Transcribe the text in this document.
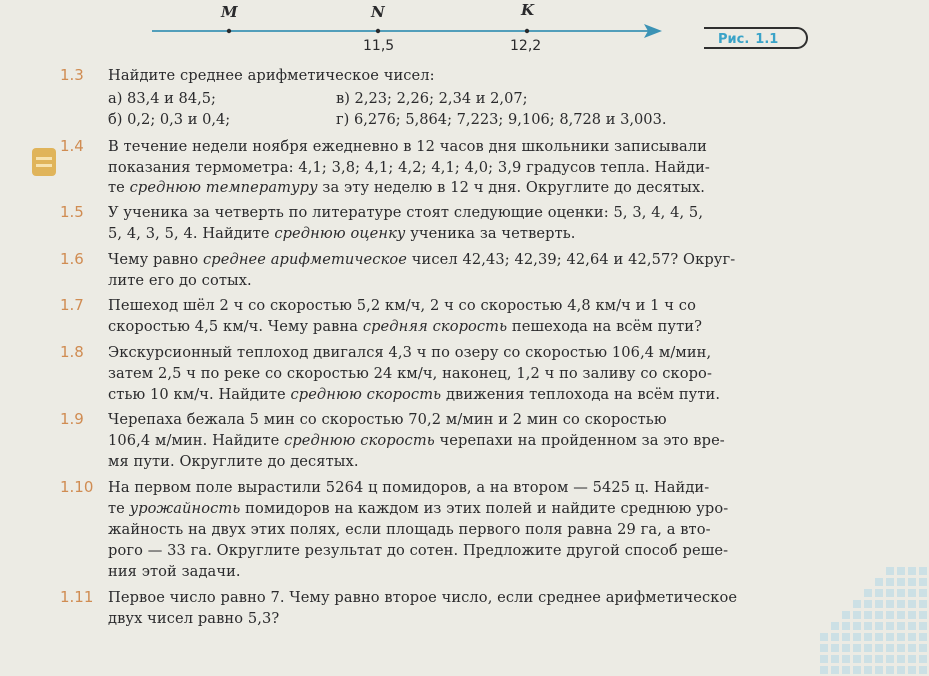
M	N	K
11,5	12,2	Рис. 1.1
1.3	Найдите среднее арифметическое чисел:
а) 83,4 и 84,5;	в) 2,23; 2,26; 2,34 и 2,07;
б) 0,2; 0,3 и 0,4;	г) 6,276; 5,864; 7,223; 9,106; 8,728 и 3,003.
1.4	В течение недели ноября ежедневно в 12 часов дня школьники записывали
показания термометра: 4,1; 3,8; 4,1; 4,2; 4,1; 4,0; 3,9 градусов тепла. Найди-
те среднюю температуру за эту неделю в 12 ч дня. Округлите до десятых.
1.5	У ученика за четверть по литературе стоят следующие оценки: 5, 3, 4, 4, 5,
5, 4, 3, 5, 4. Найдите среднюю оценку ученика за четверть.
1.6	Чему равно среднее арифметическое чисел 42,43; 42,39; 42,64 и 42,57? Округ-
лите его до сотых.
1.7	Пешеход шёл 2 ч со скоростью 5,2 км/ч, 2 ч со скоростью 4,8 км/ч и 1 ч со
скоростью 4,5 км/ч. Чему равна средняя скорость пешехода на всём пути?
1.8	Экскурсионный теплоход двигался 4,3 ч по озеру со скоростью 106,4 м/мин,
затем 2,5 ч по реке со скоростью 24 км/ч, наконец, 1,2 ч по заливу со скоро-
стью 10 км/ч. Найдите среднюю скорость движения теплохода на всём пути.
1.9	Черепаха бежала 5 мин со скоростью 70,2 м/мин и 2 мин со скоростью
106,4 м/мин. Найдите среднюю скорость черепахи на пройденном за это вре-
мя пути. Округлите до десятых.
1.10 На первом поле вырастили 5264 ц помидоров, а на втором — 5425 ц. Найди-
те урожайность помидоров на каждом из этих полей и найдите среднюю уро-
жайность на двух этих полях, если площадь первого поля равна 29 га, а вто-
рого — 33 га. Округлите результат до сотен. Предложите другой способ реше-
ния этой задачи.
1.11 Первое число равно 7. Чему равно второе число, если среднее арифметическое
двух чисел равно 5,3?
